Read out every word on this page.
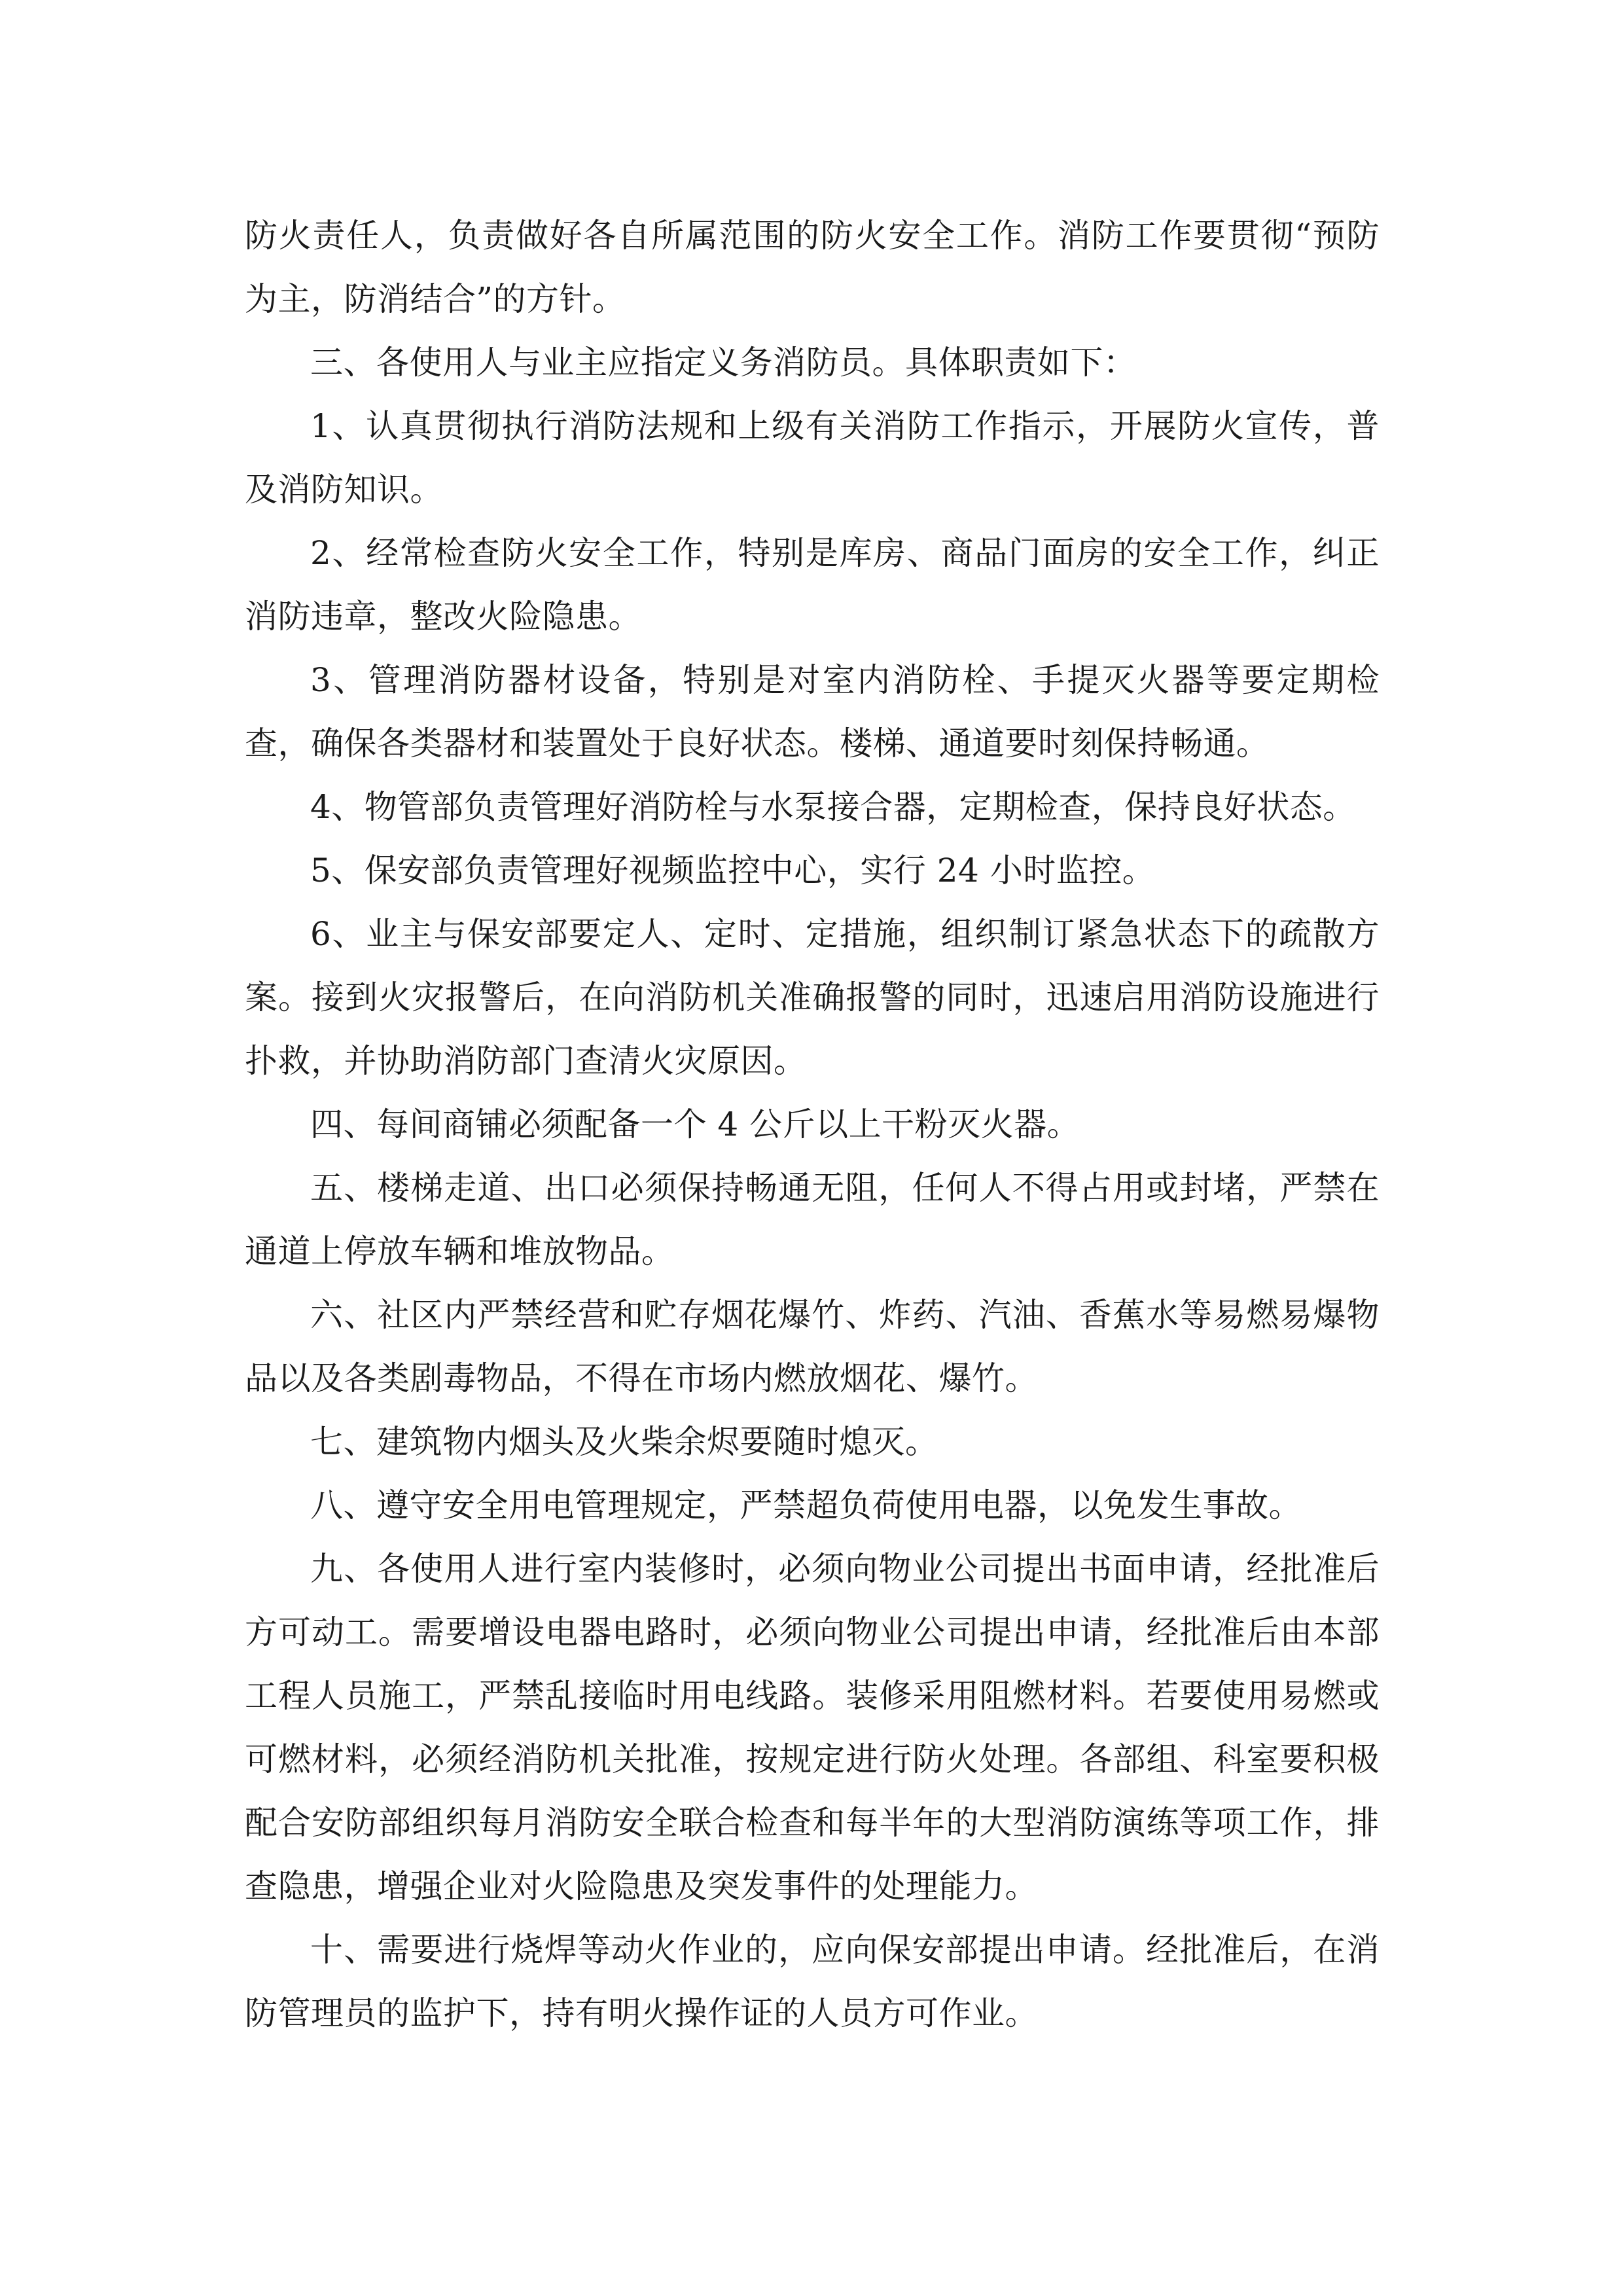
防火责任人，负责做好各自所属范围的防火安全工作。消防工作要贯彻“预防为主，防消结合”的方针。

三、各使用人与业主应指定义务消防员。具体职责如下：

1、认真贯彻执行消防法规和上级有关消防工作指示，开展防火宣传，普及消防知识。

2、经常检查防火安全工作，特别是库房、商品门面房的安全工作，纠正消防违章，整改火险隐患。

3、管理消防器材设备，特别是对室内消防栓、手提灭火器等要定期检查，确保各类器材和装置处于良好状态。楼梯、通道要时刻保持畅通。

4、物管部负责管理好消防栓与水泵接合器，定期检查，保持良好状态。

5、保安部负责管理好视频监控中心，实行 24 小时监控。

6、业主与保安部要定人、定时、定措施，组织制订紧急状态下的疏散方案。接到火灾报警后，在向消防机关准确报警的同时，迅速启用消防设施进行扑救，并协助消防部门查清火灾原因。

四、每间商铺必须配备一个 4 公斤以上干粉灭火器。

五、楼梯走道、出口必须保持畅通无阻，任何人不得占用或封堵，严禁在通道上停放车辆和堆放物品。

六、社区内严禁经营和贮存烟花爆竹、炸药、汽油、香蕉水等易燃易爆物品以及各类剧毒物品，不得在市场内燃放烟花、爆竹。

七、建筑物内烟头及火柴余烬要随时熄灭。

八、遵守安全用电管理规定，严禁超负荷使用电器，以免发生事故。

九、各使用人进行室内装修时，必须向物业公司提出书面申请，经批准后方可动工。需要增设电器电路时，必须向物业公司提出申请，经批准后由本部工程人员施工，严禁乱接临时用电线路。装修采用阻燃材料。若要使用易燃或可燃材料，必须经消防机关批准，按规定进行防火处理。各部组、科室要积极配合安防部组织每月消防安全联合检查和每半年的大型消防演练等项工作，排查隐患，增强企业对火险隐患及突发事件的处理能力。

十、需要进行烧焊等动火作业的，应向保安部提出申请。经批准后，在消防管理员的监护下，持有明火操作证的人员方可作业。
